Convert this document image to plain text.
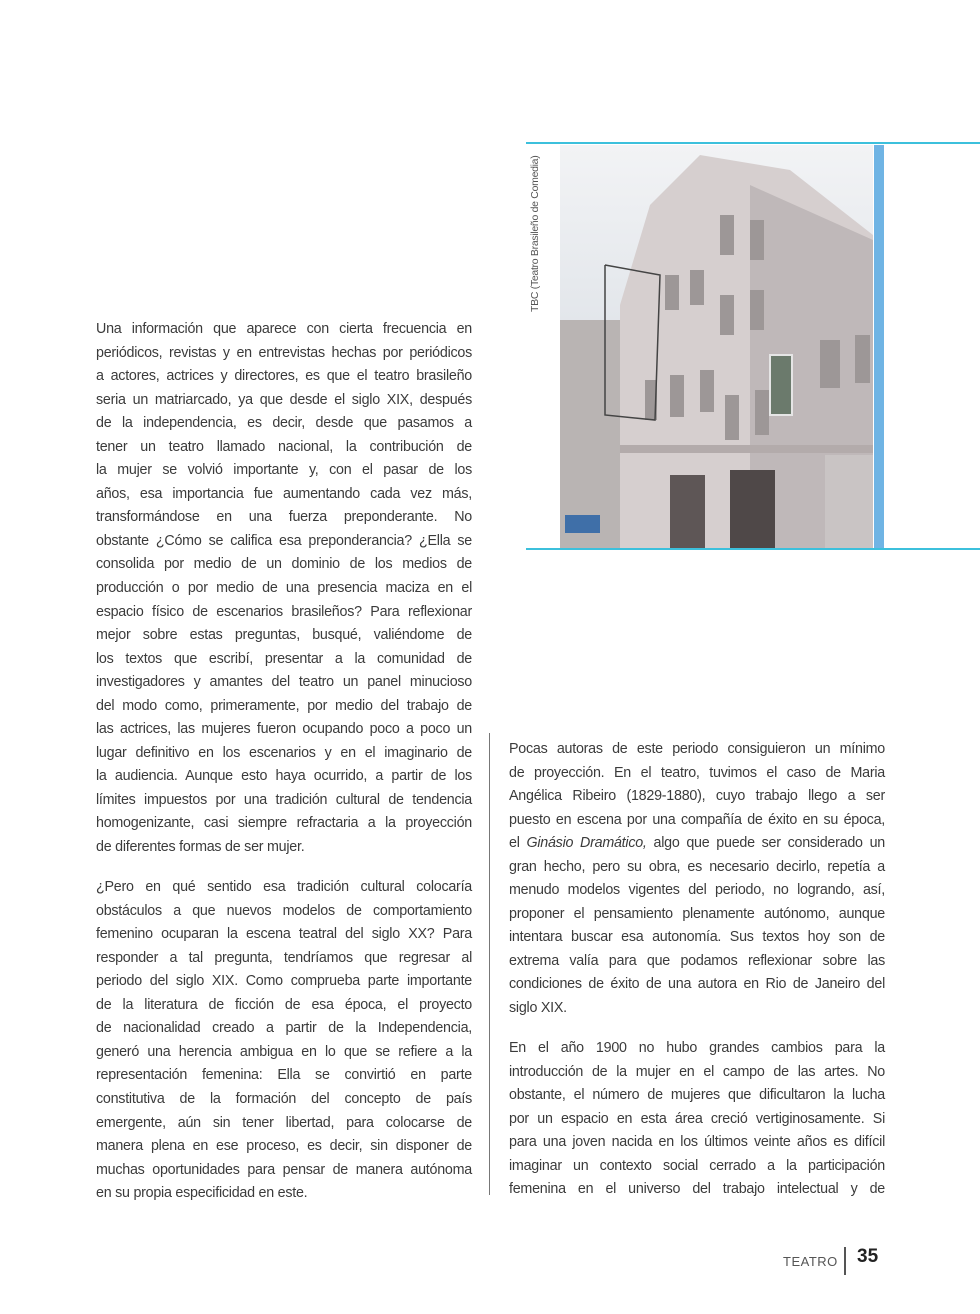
TBC (Teatro Brasileño de Comedia)
Una información que aparece con cierta frecuencia en
periódicos, revistas y en entrevistas hechas por periódicos
a actores, actrices y directores, es que el teatro brasileño
seria un matriarcado, ya que desde el siglo XIX, después
de la independencia, es decir, desde que pasamos a
tener un teatro llamado nacional, la contribución de
la mujer se volvió importante y, con el pasar de los
años, esa importancia fue aumentando cada vez más,
transformándose en una fuerza preponderante. No
obstante ¿Cómo se califica esa preponderancia? ¿Ella se
consolida por medio de un dominio de los medios de
producción o por medio de una presencia maciza en el
espacio físico de escenarios brasileños? Para reflexionar
mejor sobre estas preguntas, busqué, valiéndome de
los textos que escribí, presentar a la comunidad de
investigadores y amantes del teatro un panel minucioso
del modo como, primeramente, por medio del trabajo de
las actrices, las mujeres fueron ocupando poco a poco un
lugar definitivo en los escenarios y en el imaginario de
la audiencia. Aunque esto haya ocurrido, a partir de los
límites impuestos por una tradición cultural de tendencia
homogenizante, casi siempre refractaria a la proyección
de diferentes formas de ser mujer.
¿Pero en qué sentido esa tradición cultural colocaría
obstáculos a que nuevos modelos de comportamiento
femenino ocuparan la escena teatral del siglo XX? Para
responder a tal pregunta, tendríamos que regresar al
periodo del siglo XIX. Como comprueba parte importante
de la literatura de ficción de esa época, el proyecto
de nacionalidad creado a partir de la Independencia,
generó una herencia ambigua en lo que se refiere a la
representación femenina: Ella se convirtió en parte
constitutiva de la formación del concepto de país
emergente, aún sin tener libertad, para colocarse de
manera plena en ese proceso, es decir, sin disponer de
muchas oportunidades para pensar de manera autónoma
en su propia especificidad en este.
Pocas autoras de este periodo consiguieron un mínimo
de proyección. En el teatro, tuvimos el caso de Maria
Angélica Ribeiro (1829-1880), cuyo trabajo llego a ser
puesto en escena por una compañía de éxito en su época,
el Ginásio Dramático, algo que puede ser considerado un
gran hecho, pero su obra, es necesario decirlo, repetía a
menudo modelos vigentes del periodo, no logrando, así,
proponer el pensamiento plenamente autónomo, aunque
intentara buscar esa autonomía. Sus textos hoy son de
extrema valía para que podamos reflexionar sobre las
condiciones de éxito de una autora en Rio de Janeiro del
siglo XIX.
En el año 1900 no hubo grandes cambios para la
introducción de la mujer en el campo de las artes. No
obstante, el número de mujeres que dificultaron la lucha
por un espacio en esta área creció vertiginosamente. Si
para una joven nacida en los últimos veinte años es difícil
imaginar un contexto social cerrado a la participación
femenina en el universo del trabajo intelectual y de
TEATRO 35
